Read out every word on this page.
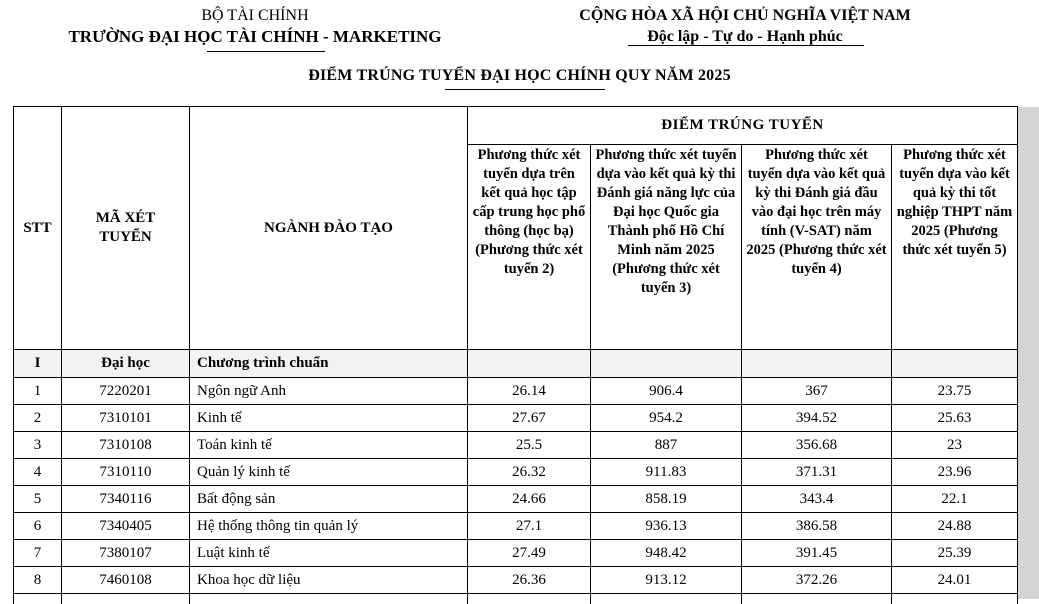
BỘ TÀI CHÍNH
TRƯỜNG ĐẠI HỌC TÀI CHÍNH - MARKETING
CỘNG HÒA XÃ HỘI CHỦ NGHĨA VIỆT NAM
Độc lập - Tự do - Hạnh phúc
ĐIỂM TRÚNG TUYỂN ĐẠI HỌC CHÍNH QUY NĂM 2025
STT	MÃ XÉT TUYỂN	NGÀNH ĐÀO TẠO	ĐIỂM TRÚNG TUYỂN			
			Phương thức xét tuyển dựa trên kết quả học tập cấp trung học phổ thông (học bạ) (Phương thức xét tuyển 2)	Phương thức xét tuyển dựa vào kết quả kỳ thi Đánh giá năng lực của Đại học Quốc gia Thành phố Hồ Chí Minh năm 2025 (Phương thức xét tuyển 3)	Phương thức xét tuyển dựa vào kết quả kỳ thi Đánh giá đầu vào đại học trên máy tính (V-SAT) năm 2025 (Phương thức xét tuyển 4)	Phương thức xét tuyển dựa vào kết quả kỳ thi tốt nghiệp THPT năm 2025 (Phương thức xét tuyển 5)
I	Đại học	Chương trình chuẩn				
1	7220201	Ngôn ngữ Anh	26.14	906.4	367	23.75
2	7310101	Kinh tế	27.67	954.2	394.52	25.63
3	7310108	Toán kinh tế	25.5	887	356.68	23
4	7310110	Quản lý kinh tế	26.32	911.83	371.31	23.96
5	7340116	Bất động sản	24.66	858.19	343.4	22.1
6	7340405	Hệ thống thông tin quản lý	27.1	936.13	386.58	24.88
7	7380107	Luật kinh tế	27.49	948.42	391.45	25.39
8	7460108	Khoa học dữ liệu	26.36	913.12	372.26	24.01
